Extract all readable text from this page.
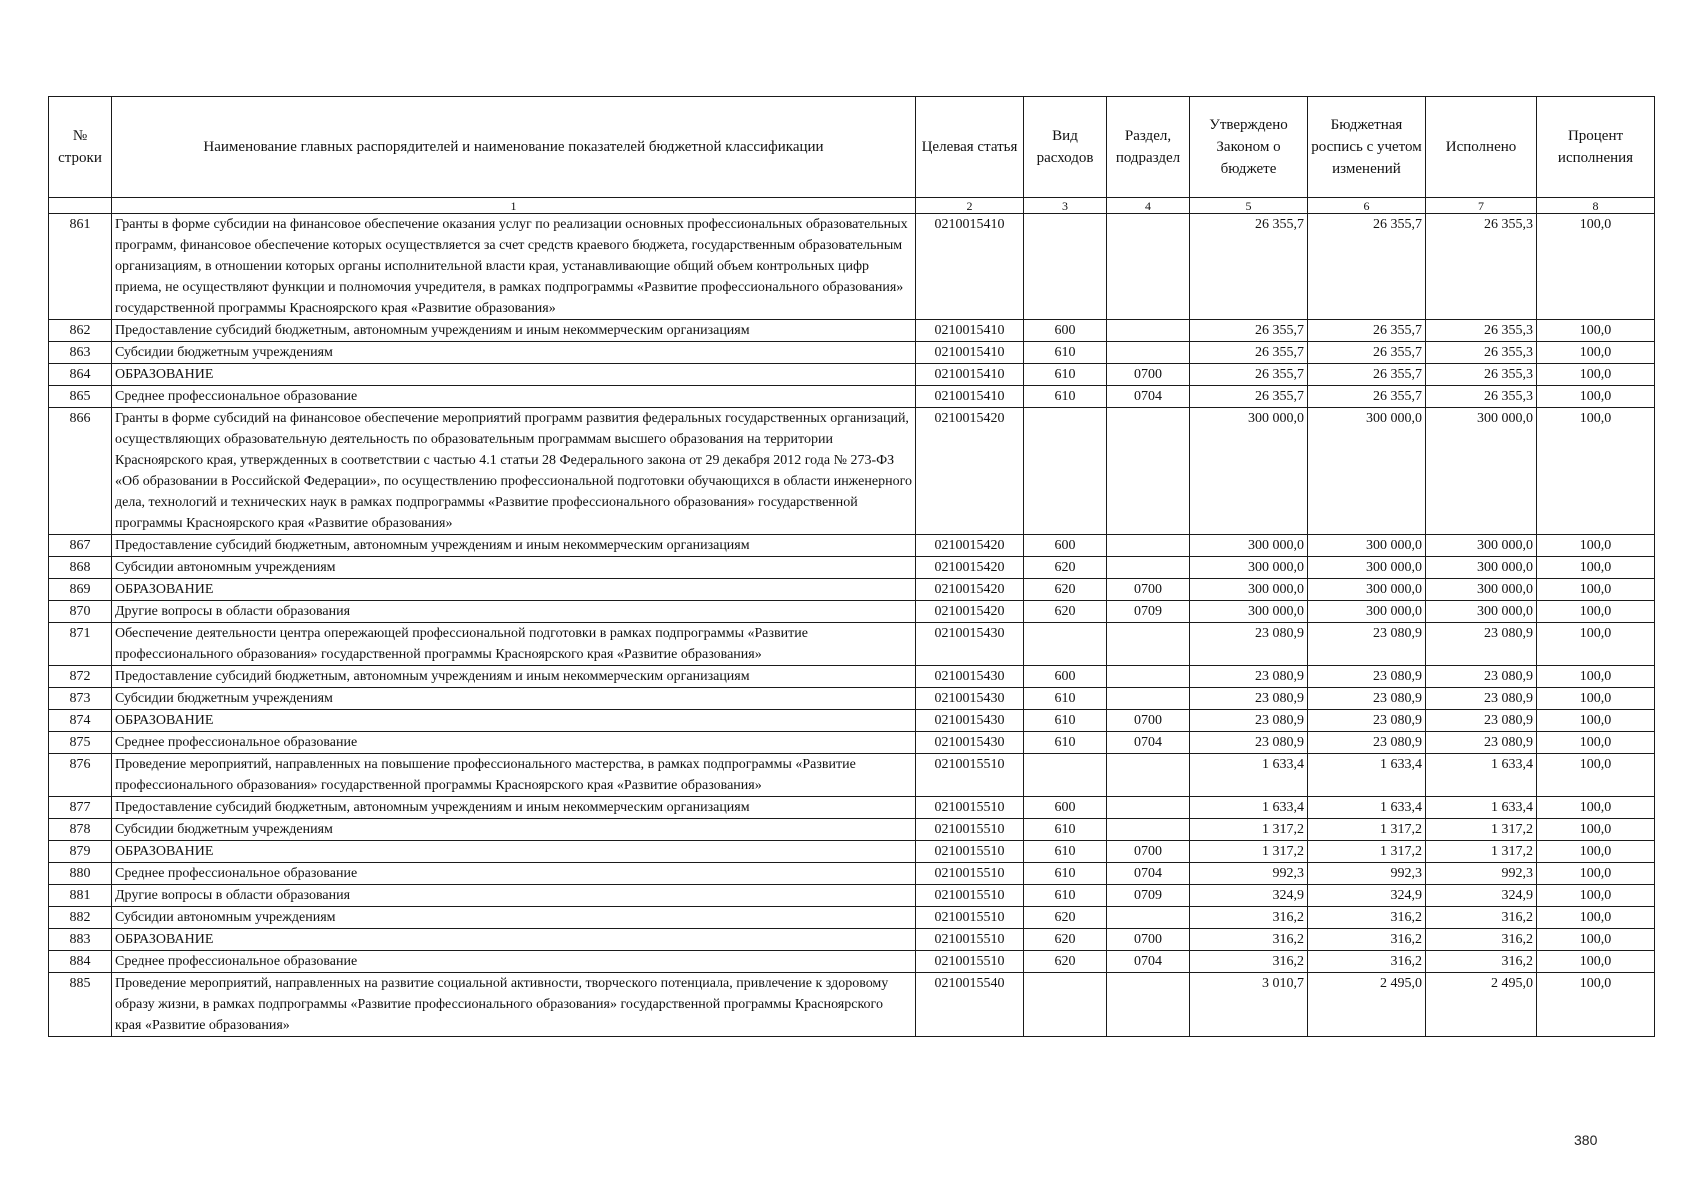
№ строки	Наименование главных распорядителей и наименование показателей бюджетной классификации	Целевая статья	Вид расходов	Раздел, подраздел	Утверждено Законом о бюджете	Бюджетная роспись с учетом изменений	Исполнено	Процент исполнения
	1	2	3	4	5	6	7	8
861	Гранты в форме субсидии на финансовое обеспечение оказания услуг по реализации основных профессиональных образовательных программ, финансовое обеспечение которых осуществляется за счет средств краевого бюджета, государственным образовательным организациям, в отношении которых органы исполнительной власти края, устанавливающие общий объем контрольных цифр приема, не осуществляют функции и полномочия учредителя, в рамках подпрограммы «Развитие профессионального образования» государственной программы Красноярского края «Развитие образования»	0210015410			26 355,7	26 355,7	26 355,3	100,0
862	Предоставление субсидий бюджетным, автономным учреждениям и иным некоммерческим организациям	0210015410	600		26 355,7	26 355,7	26 355,3	100,0
863	Субсидии бюджетным учреждениям	0210015410	610		26 355,7	26 355,7	26 355,3	100,0
864	ОБРАЗОВАНИЕ	0210015410	610	0700	26 355,7	26 355,7	26 355,3	100,0
865	Среднее профессиональное образование	0210015410	610	0704	26 355,7	26 355,7	26 355,3	100,0
866	Гранты в форме субсидий на финансовое обеспечение мероприятий программ развития федеральных государственных организаций, осуществляющих образовательную деятельность по образовательным программам высшего образования на территории Красноярского края, утвержденных в соответствии с частью 4.1 статьи 28 Федерального закона от 29 декабря 2012 года № 273-ФЗ «Об образовании в Российской Федерации», по осуществлению профессиональной подготовки обучающихся в области инженерного дела, технологий и технических наук в рамках подпрограммы «Развитие профессионального образования» государственной программы Красноярского края «Развитие образования»	0210015420			300 000,0	300 000,0	300 000,0	100,0
867	Предоставление субсидий бюджетным, автономным учреждениям и иным некоммерческим организациям	0210015420	600		300 000,0	300 000,0	300 000,0	100,0
868	Субсидии автономным учреждениям	0210015420	620		300 000,0	300 000,0	300 000,0	100,0
869	ОБРАЗОВАНИЕ	0210015420	620	0700	300 000,0	300 000,0	300 000,0	100,0
870	Другие вопросы в области образования	0210015420	620	0709	300 000,0	300 000,0	300 000,0	100,0
871	Обеспечение деятельности центра опережающей профессиональной подготовки в рамках подпрограммы «Развитие профессионального образования» государственной программы Красноярского края «Развитие образования»	0210015430			23 080,9	23 080,9	23 080,9	100,0
872	Предоставление субсидий бюджетным, автономным учреждениям и иным некоммерческим организациям	0210015430	600		23 080,9	23 080,9	23 080,9	100,0
873	Субсидии бюджетным учреждениям	0210015430	610		23 080,9	23 080,9	23 080,9	100,0
874	ОБРАЗОВАНИЕ	0210015430	610	0700	23 080,9	23 080,9	23 080,9	100,0
875	Среднее профессиональное образование	0210015430	610	0704	23 080,9	23 080,9	23 080,9	100,0
876	Проведение мероприятий, направленных на повышение профессионального мастерства, в рамках подпрограммы «Развитие профессионального образования» государственной программы Красноярского края «Развитие образования»	0210015510			1 633,4	1 633,4	1 633,4	100,0
877	Предоставление субсидий бюджетным, автономным учреждениям и иным некоммерческим организациям	0210015510	600		1 633,4	1 633,4	1 633,4	100,0
878	Субсидии бюджетным учреждениям	0210015510	610		1 317,2	1 317,2	1 317,2	100,0
879	ОБРАЗОВАНИЕ	0210015510	610	0700	1 317,2	1 317,2	1 317,2	100,0
880	Среднее профессиональное образование	0210015510	610	0704	992,3	992,3	992,3	100,0
881	Другие вопросы в области образования	0210015510	610	0709	324,9	324,9	324,9	100,0
882	Субсидии автономным учреждениям	0210015510	620		316,2	316,2	316,2	100,0
883	ОБРАЗОВАНИЕ	0210015510	620	0700	316,2	316,2	316,2	100,0
884	Среднее профессиональное образование	0210015510	620	0704	316,2	316,2	316,2	100,0
885	Проведение мероприятий, направленных на развитие социальной активности, творческого потенциала, привлечение к здоровому образу жизни, в рамках подпрограммы «Развитие профессионального образования» государственной программы Красноярского края «Развитие образования»	0210015540			3 010,7	2 495,0	2 495,0	100,0
380
